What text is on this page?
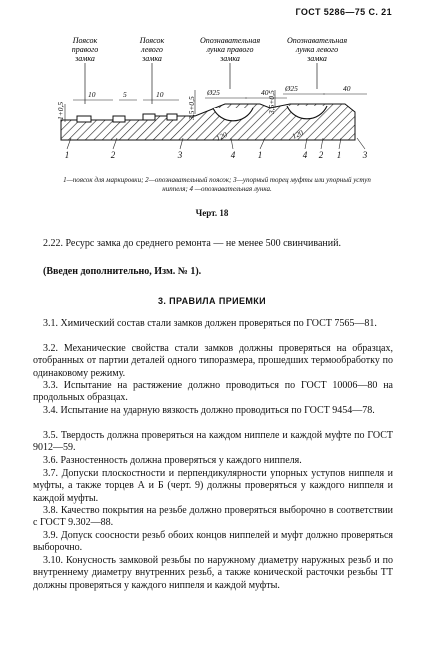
ГОСТ 5286—75 С. 21
Поясок
правого
замка
Поясок
левого
замка
Опознавательная
лунка правого
замка
Опознавательная
лунка левого
замка
1+0,5
10	5	10
3,5+0,5
Ø25	40
3,5+0,5
Ø25	40
120	120
1	2	3	4	1	4 2 1 3
1—поясок для маркировки; 2—опознавательный поясок; 3—упорный торец муфты или упорный уступ ниппеля; 4 —опознавательная лунка.
Черт. 18

2.22. Ресурс замка до среднего ремонта — не менее 500 свинчиваний.

(Введен дополнительно, Изм. № 1).

3. ПРАВИЛА ПРИЕМКИ

3.1. Химический состав стали замков должен проверяться по ГОСТ 7565—81.

3.2. Механические свойства стали замков должны проверяться на образцах, отобранных от партии деталей одного типоразмера, прошедших термообработку по одинаковому режиму.

3.3. Испытание на растяжение должно проводиться по ГОСТ 10006—80 на продольных образцах.

3.4. Испытание на ударную вязкость должно проводиться по ГОСТ 9454—78.

3.5. Твердость должна проверяться на каждом ниппеле и каждой муфте по ГОСТ 9012—59.

3.6. Разностенность должна проверяться у каждого ниппеля.

3.7. Допуски плоскостности и перпендикулярности упорных уступов ниппеля и муфты, а также торцев А и Б (черт. 9) должны проверяться у каждого ниппеля и каждой муфты.

3.8. Качество покрытия на резьбе должно проверяться выборочно в соответствии с ГОСТ 9.302—88.

3.9. Допуск соосности резьб обоих концов ниппелей и муфт должно проверяться выборочно.

3.10. Конусность замковой резьбы по наружному диаметру наружных резьб и по внутреннему диаметру внутренних резьб, а также конической расточки резьбы ТТ должны проверяться у каждого ниппеля и каждой муфты.
